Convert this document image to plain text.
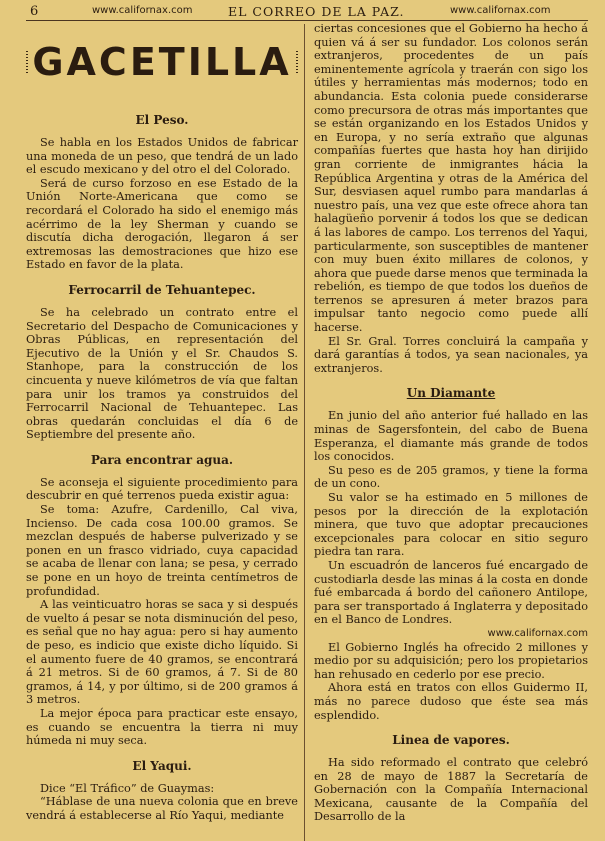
6	www.californax.com	EL CORREO DE LA PAZ.	www.californax.com
GACETILLA
El Peso.

Se habla en los Estados Unidos de fabricar una moneda de un peso, que tendrá de un lado el escudo mexicano y del otro el del Colorado.

Será de curso forzoso en ese Estado de la Unión Norte-Americana que como se recordará el Colorado ha sido el enemigo más acérrimo de la ley Sherman y cuando se discutía dicha derogación, llegaron á ser extremosas las demostraciones que hizo ese Estado en favor de la plata.

Ferrocarril de Tehuantepec.

Se ha celebrado un contrato entre el Secretario del Despacho de Comunicaciones y Obras Públicas, en representación del Ejecutivo de la Unión y el Sr. Chaudos S. Stanhope, para la construcción de los cincuenta y nueve kilómetros de vía que faltan para unir los tramos ya construidos del Ferrocarril Nacional de Tehuantepec. Las obras quedarán concluidas el día 6 de Septiembre del presente año.

Para encontrar agua.

Se aconseja el siguiente procedimiento para descubrir en qué terrenos pueda existir agua:

Se toma: Azufre, Cardenillo, Cal viva, Incienso. De cada cosa 100.00 gramos. Se mezclan después de haberse pulverizado y se ponen en un frasco vidriado, cuya capacidad se acaba de llenar con lana; se pesa, y cerrado se pone en un hoyo de treinta centímetros de profundidad.

A las veinticuatro horas se saca y si después de vuelto á pesar se nota disminución del peso, es señal que no hay agua: pero si hay aumento de peso, es indicio que existe dicho líquido. Si el aumento fuere de 40 gramos, se encontrará á 21 metros. Si de 60 gramos, á 7. Si de 80 gramos, á 14, y por último, si de 200 gramos á 3 metros.

La mejor época para practicar este ensayo, es cuando se encuentra la tierra ni muy húmeda ni muy seca.

El Yaqui.

Dice “El Tráfico” de Guaymas:

“Háblase de una nueva colonia que en breve vendrá á establecerse al Río Yaqui, mediante

ciertas concesiones que el Gobierno ha hecho á quien vá á ser su fundador. Los colonos serán extranjeros, procedentes de un país eminentemente agrícola y traerán con sigo los útiles y herramientas más modernos; todo en abundancia. Esta colonia puede considerarse como precursora de otras más importantes que se están organizando en los Estados Unidos y en Europa, y no sería extraño que algunas compañías fuertes que hasta hoy han dirijido gran corriente de inmigrantes hácia la República Argentina y otras de la América del Sur, desviasen aquel rumbo para mandarlas á nuestro país, una vez que este ofrece ahora tan halagüeño porvenir á todos los que se dedican á las labores de campo. Los terrenos del Yaqui, particularmente, son susceptibles de mantener con muy buen éxito millares de colonos, y ahora que puede darse menos que terminada la rebelión, es tiempo de que todos los dueños de terrenos se apresuren á meter brazos para impulsar tanto negocio como puede allí hacerse.

El Sr. Gral. Torres concluirá la campaña y dará garantías á todos, ya sean nacionales, ya extranjeros.

Un Diamante

En junio del año anterior fué hallado en las minas de Sagersfontein, del cabo de Buena Esperanza, el diamante más grande de todos los conocidos.

Su peso es de 205 gramos, y tiene la forma de un cono.

Su valor se ha estimado en 5 millones de pesos por la dirección de la explotación minera, que tuvo que adoptar precauciones excepcionales para colocar en sitio seguro piedra tan rara.

Un escuadrón de lanceros fué encargado de custodiarla desde las minas á la costa en donde fué embarcada á bordo del cañonero Antilope, para ser transportado á Inglaterra y depositado en el Banco de Londres.

www.californax.com

El Gobierno Inglés ha ofrecido 2 millones y medio por su adquisición; pero los propietarios han rehusado en cederlo por ese precio.

Ahora está en tratos con ellos Guidermo II, más no parece dudoso que éste sea más esplendido.

Linea de vapores.

Ha sido reformado el contrato que celebró en 28 de mayo de 1887 la Secretaría de Gobernación con la Compañía Internacional Mexicana, causante de la Compañía del Desarrollo de la
